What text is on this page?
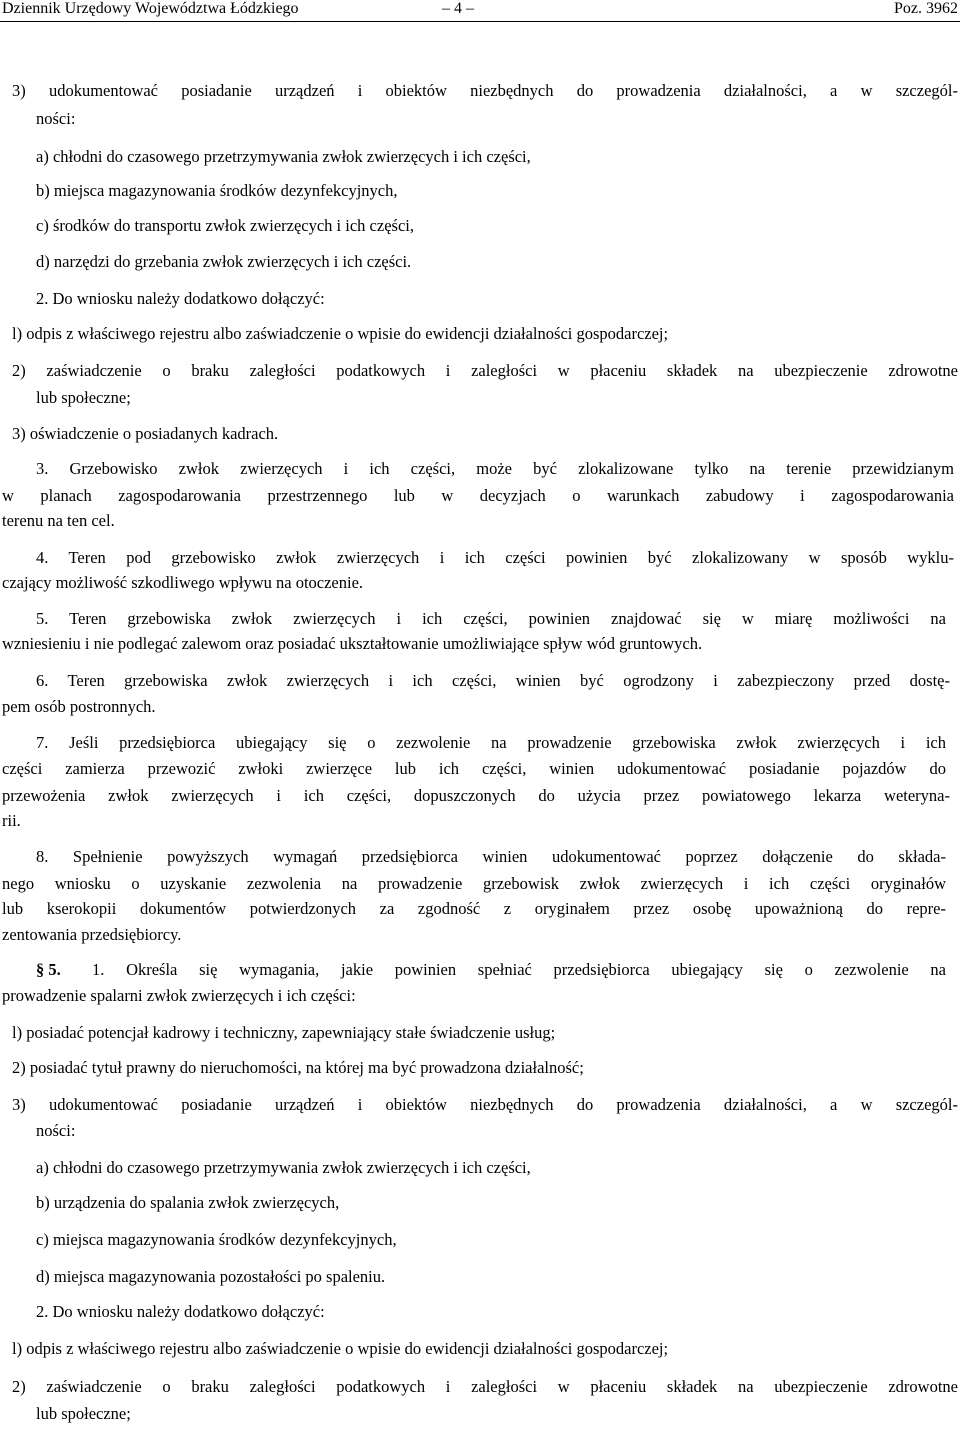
Dziennik Urzędowy Województwa Łódzkiego	– 4 –	Poz. 3962
3) udokumentować posiadanie urządzeń i obiektów niezbędnych do prowadzenia działalności, a w szczegól-
ności:
a) chłodni do czasowego przetrzymywania zwłok zwierzęcych i ich części,
b) miejsca magazynowania środków dezynfekcyjnych,
c) środków do transportu zwłok zwierzęcych i ich części,
d) narzędzi do grzebania zwłok zwierzęcych i ich części.
2. Do wniosku należy dodatkowo dołączyć:
l) odpis z właściwego rejestru albo zaświadczenie o wpisie do ewidencji działalności gospodarczej;
2) zaświadczenie o braku zaległości podatkowych i zaległości w płaceniu składek na ubezpieczenie zdrowotne
lub społeczne;
3) oświadczenie o posiadanych kadrach.
3. Grzebowisko zwłok zwierzęcych i ich części, może być zlokalizowane tylko na terenie przewidzianym
w planach zagospodarowania przestrzennego lub w decyzjach o warunkach zabudowy i zagospodarowania
terenu na ten cel.
4. Teren pod grzebowisko zwłok zwierzęcych i ich części powinien być zlokalizowany w sposób wyklu-
czający możliwość szkodliwego wpływu na otoczenie.
5. Teren grzebowiska zwłok zwierzęcych i ich części, powinien znajdować się w miarę możliwości na
wzniesieniu i nie podlegać zalewom oraz posiadać ukształtowanie umożliwiające spływ wód gruntowych.
6. Teren grzebowiska zwłok zwierzęcych i ich części, winien być ogrodzony i zabezpieczony przed dostę-
pem osób postronnych.
7. Jeśli przedsiębiorca ubiegający się o zezwolenie na prowadzenie grzebowiska zwłok zwierzęcych i ich
części zamierza przewozić zwłoki zwierzęce lub ich części, winien udokumentować posiadanie pojazdów do
przewożenia zwłok zwierzęcych i ich części, dopuszczonych do użycia przez powiatowego lekarza weteryna-
rii.
8. Spełnienie powyższych wymagań przedsiębiorca winien udokumentować poprzez dołączenie do składa-
nego wniosku o uzyskanie zezwolenia na prowadzenie grzebowisk zwłok zwierzęcych i ich części oryginałów
lub kserokopii dokumentów potwierdzonych za zgodność z oryginałem przez osobę upoważnioną do repre-
zentowania przedsiębiorcy.
§ 5.	1. Określa się wymagania, jakie powinien spełniać przedsiębiorca ubiegający się o zezwolenie na
prowadzenie spalarni zwłok zwierzęcych i ich części:
l) posiadać potencjał kadrowy i techniczny, zapewniający stałe świadczenie usług;
2) posiadać tytuł prawny do nieruchomości, na której ma być prowadzona działalność;
3) udokumentować posiadanie urządzeń i obiektów niezbędnych do prowadzenia działalności, a w szczegól-
ności:
a) chłodni do czasowego przetrzymywania zwłok zwierzęcych i ich części,
b) urządzenia do spalania zwłok zwierzęcych,
c) miejsca magazynowania środków dezynfekcyjnych,
d) miejsca magazynowania pozostałości po spaleniu.
2. Do wniosku należy dodatkowo dołączyć:
l) odpis z właściwego rejestru albo zaświadczenie o wpisie do ewidencji działalności gospodarczej;
2) zaświadczenie o braku zaległości podatkowych i zaległości w płaceniu składek na ubezpieczenie zdrowotne
lub społeczne;
